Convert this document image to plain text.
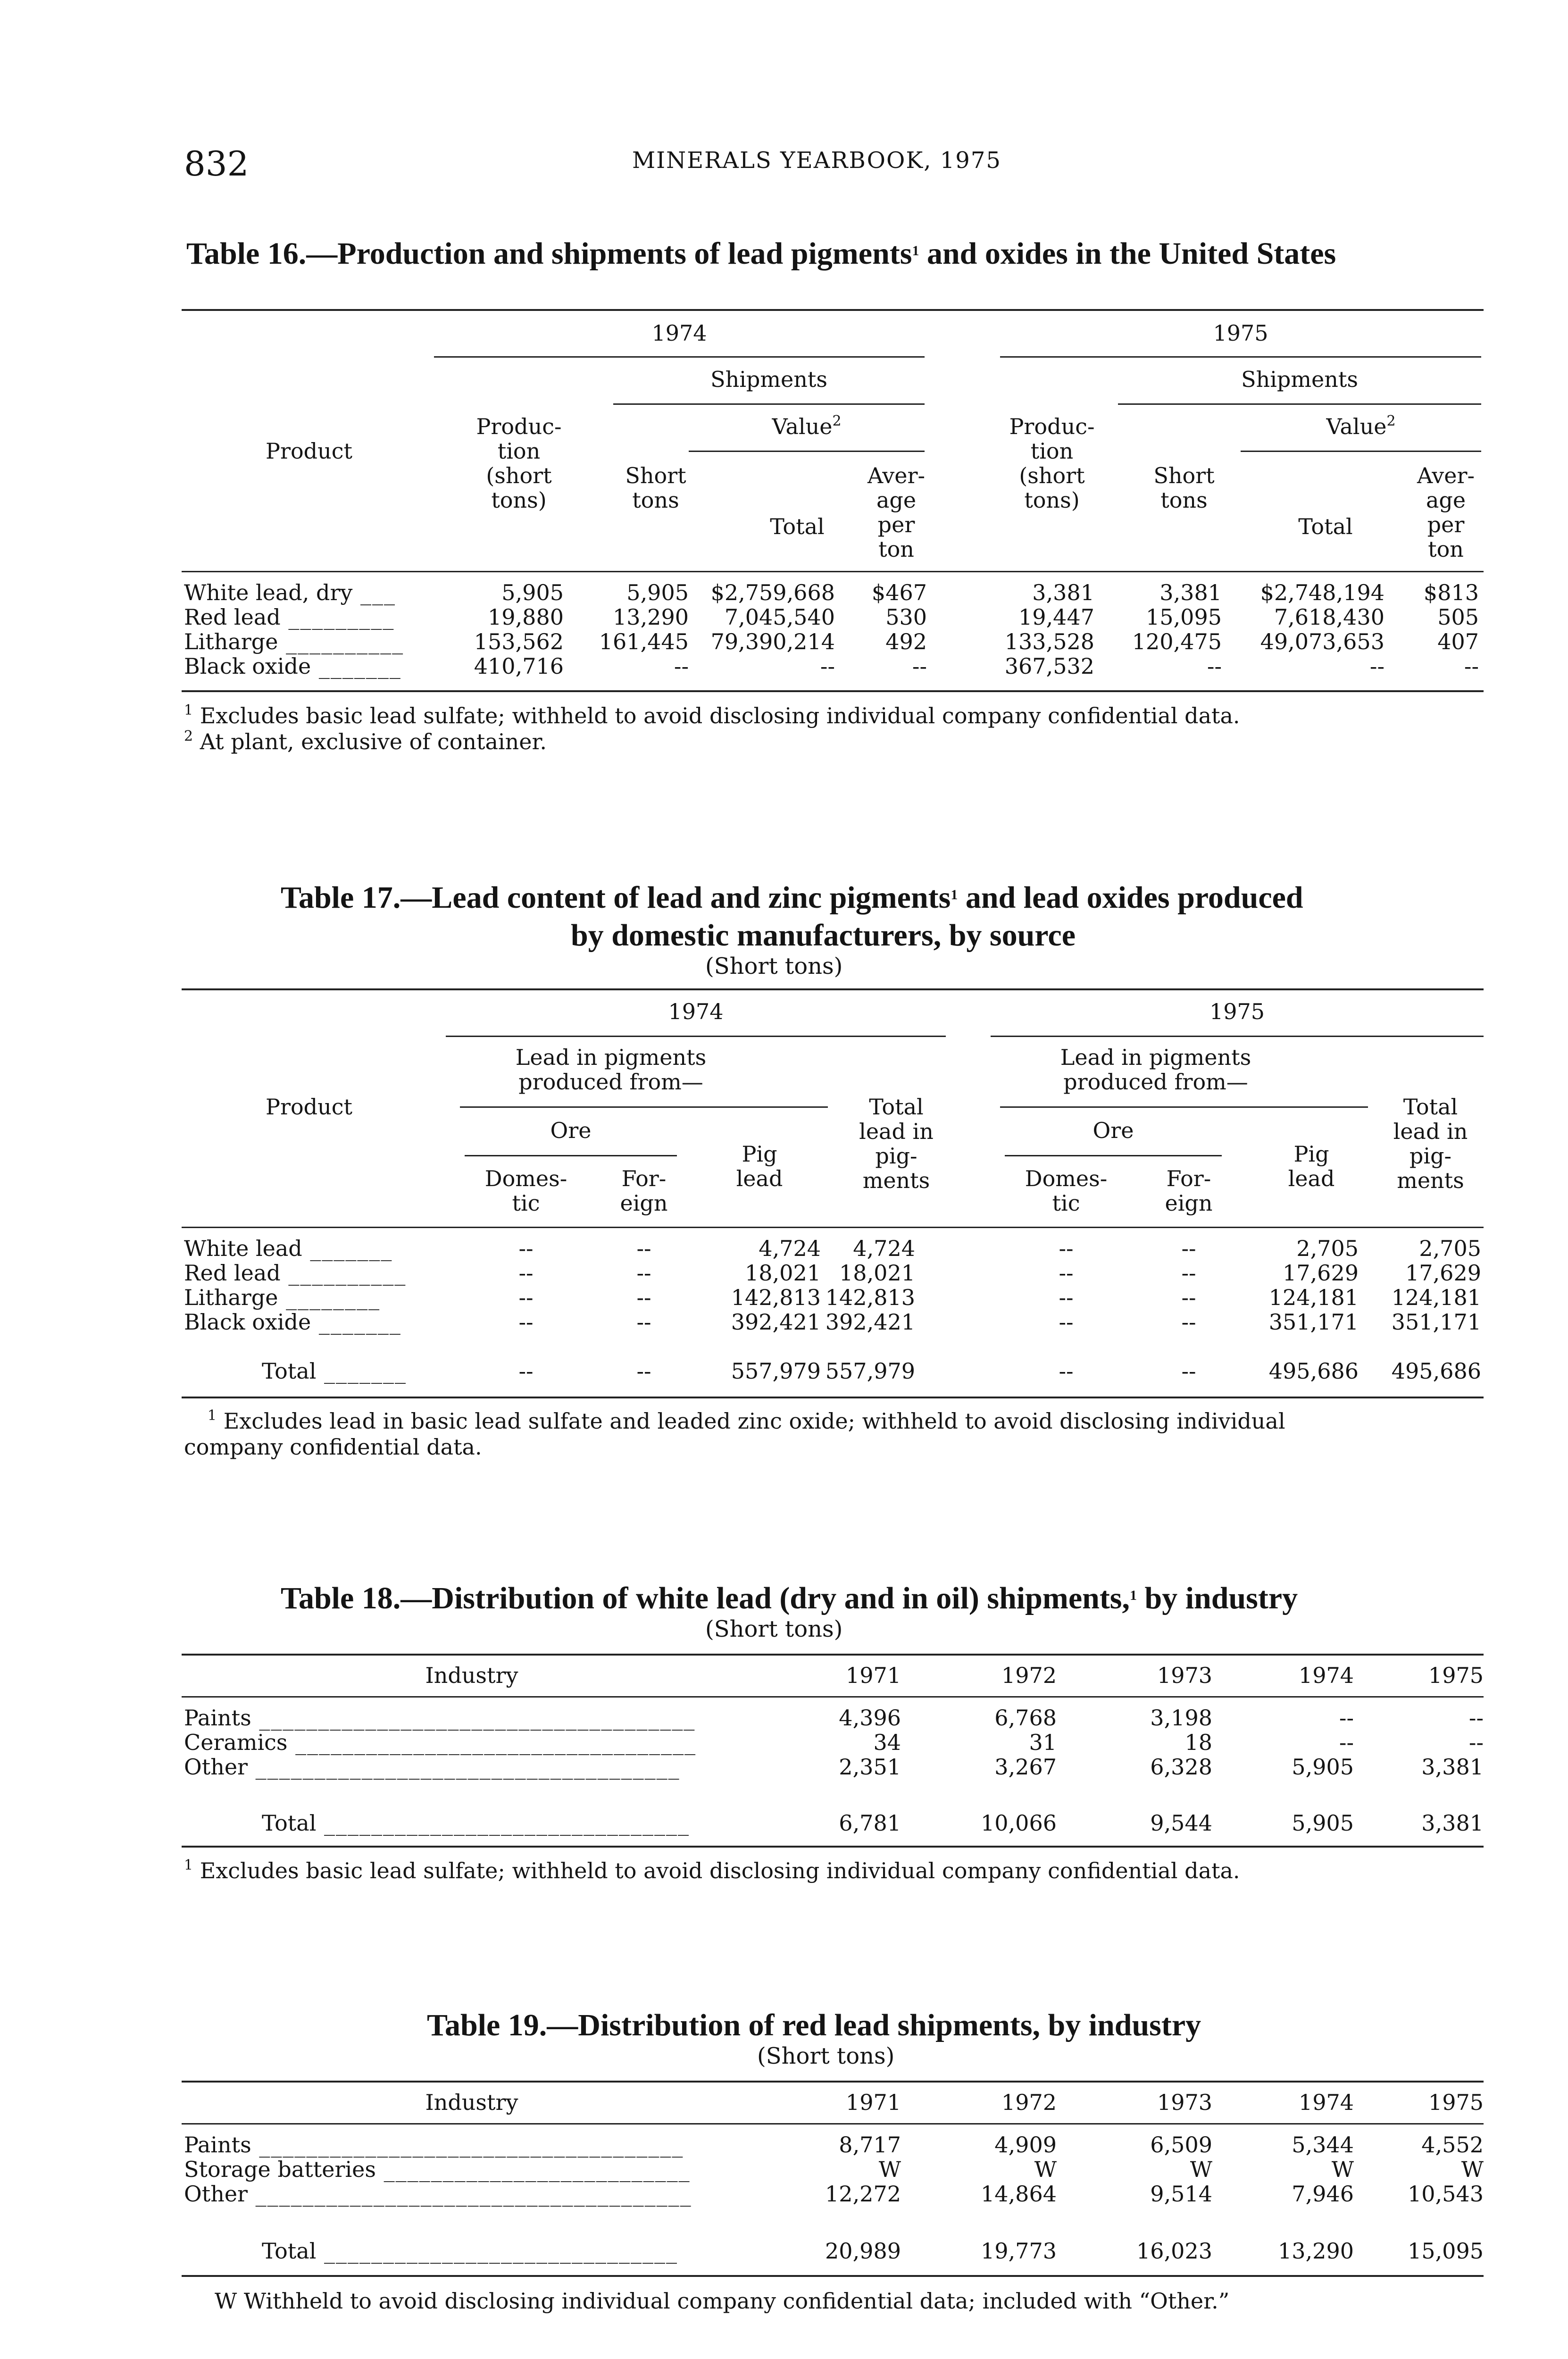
832	MINERALS YEARBOOK, 1975
Table 16.—Production and shipments of lead pigments$^1$ and oxides in the United States
1974	1975
Shipments	Shipments
Value$^2$	Value$^2$
Product
Produc-
tion
(short
tons)
Short
tons
Total
Aver-
age
per
ton
Produc-
tion
(short
tons)
Short
tons
Total
Aver-
age
per
ton
White lead, dry ___	5,905	5,905	$2,759,668	$467	3,381	3,381	$2,748,194	$813
Red lead _________	19,880	13,290	7,045,540	530	19,447	15,095	7,618,430	505
Litharge __________	153,562	161,445	79,390,214	492	133,528	120,475	49,073,653	407
Black oxide _______	410,716	--	--	--	367,532	--	--	--
$^1$ Excludes basic lead sulfate; withheld to avoid disclosing individual company confidential data.
$^2$ At plant, exclusive of container.
Table 17.—Lead content of lead and zinc pigments$^1$ and lead oxides produced
by domestic manufacturers, by source
(Short tons)
1974	1975
Lead in pigments
produced from—
Ore
Domes-
tic
For-
eign
Pig
lead
Total
lead in
pig-
ments
Lead in pigments
produced from—
Ore
Domes-
tic
For-
eign
Pig
lead
Total
lead in
pig-
ments
Product
White lead _______	--	--	4,724	4,724	--	--	2,705	2,705
Red lead __________	--	--	18,021 18,021	--	--	17,629	17,629
Litharge ________	--	--	142,813 142,813	--	--	124,181	124,181
Black oxide _______	--	--	392,421 392,421	--	--	351,171	351,171
Total _______	--	--	557,979 557,979	--	--	495,686	495,686
$^1$ Excludes lead in basic lead sulfate and leaded zinc oxide; withheld to avoid disclosing individual
company confidential data.
Table 18.—Distribution of white lead (dry and in oil) shipments,$^1$ by industry
(Short tons)
Industry	1971	1972	1973	1974	1975
Paints _____________________________________	4,396	6,768	3,198	--	--
Ceramics __________________________________	34	31	18	--	--
Other ____________________________________	2,351	3,267	6,328	5,905	3,381
Total _______________________________	6,781	10,066	9,544	5,905	3,381
$^1$ Excludes basic lead sulfate; withheld to avoid disclosing individual company confidential data.
Table 19.—Distribution of red lead shipments, by industry
(Short tons)
Industry	1971	1972	1973	1974	1975
Paints ____________________________________	8,717	4,909	6,509	5,344	4,552
Storage batteries __________________________	W	W	W	W	W
Other _____________________________________	12,272	14,864	9,514	7,946	10,543
Total ______________________________	20,989	19,773	16,023	13,290	15,095
W Withheld to avoid disclosing individual company confidential data; included with “Other.”
